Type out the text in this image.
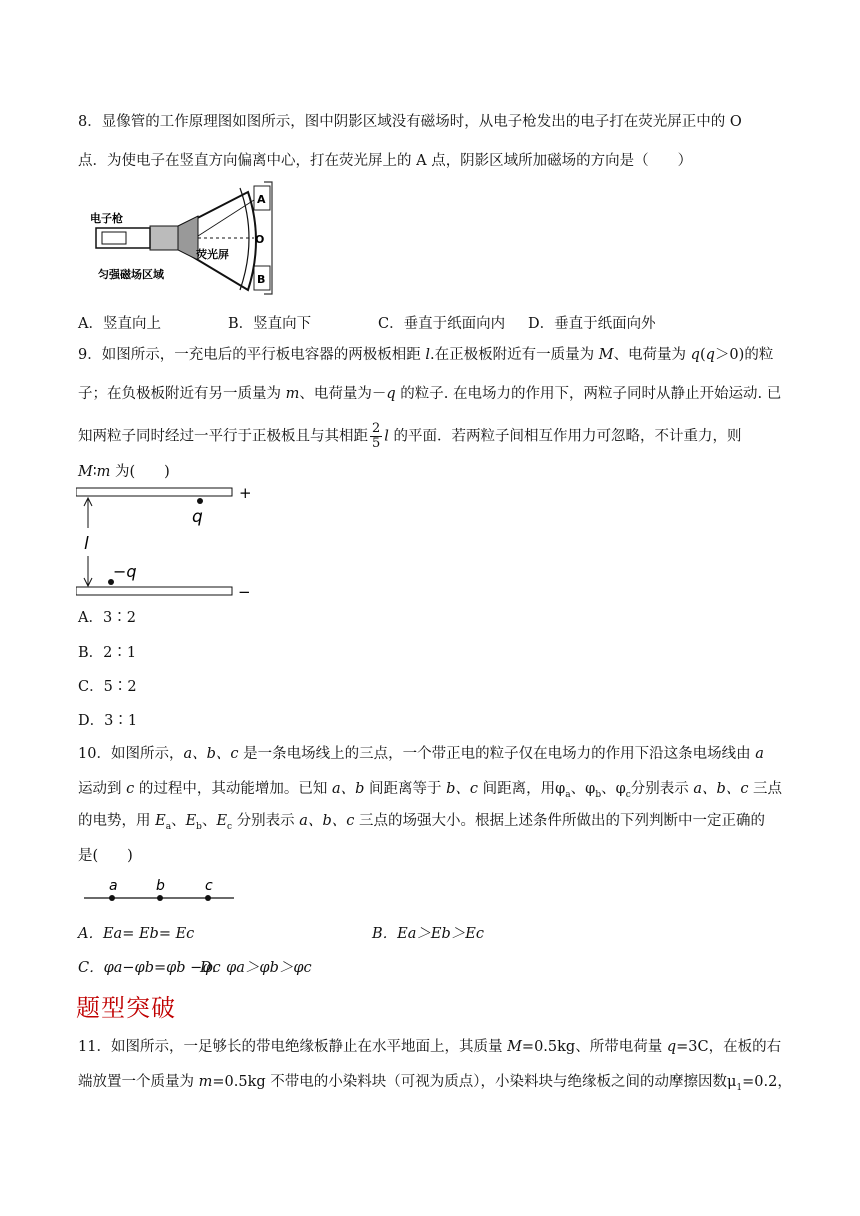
8．显像管的工作原理图如图所示，图中阴影区域没有磁场时，从电子枪发出的电子打在荧光屏正中的 O
点．为使电子在竖直方向偏离中心，打在荧光屏上的 A 点，阴影区域所加磁场的方向是（　　）
电子枪
荧光屏
匀强磁场区域
A
O
B
A．竖直向上	B．竖直向下	C．垂直于纸面向内 D．垂直于纸面向外
9．如图所示，一充电后的平行板电容器的两极板相距 l.在正极板附近有一质量为 M、电荷量为 q(q＞0)的粒
子；在负极板附近有另一质量为 m、电荷量为－q 的粒子. 在电场力的作用下，两粒子同时从静止开始运动. 已
知两粒子同时经过一平行于正极板且与其相距 $\frac{2}{5}$ l 的平面．若两粒子间相互作用力可忽略，不计重力，则
M∶m 为(　　)
+
−
q
−q
l
A．3∶2
B．2∶1
C．5∶2
D．3∶1
10．如图所示，a、b、c 是一条电场线上的三点，一个带正电的粒子仅在电场力的作用下沿这条电场线由 a
运动到 c 的过程中，其动能增加。已知 a、b 间距离等于 b、c 间距离，用$\varphi_a$、$\varphi_b$、$\varphi_c$分别表示 a、b、c 三点
的电势，用 $E_a$、$E_b$、$E_c$ 分别表示 a、b、c 三点的场强大小。根据上述条件所做出的下列判断中一定正确的
是(　　)
a	b	c
A．Ea= Eb= Ec	B．Ea＞Eb＞Ec
C．φa−φb=φb −φc
D．φa＞φb＞φc
题型突破
11．如图所示，一足够长的带电绝缘板静止在水平地面上，其质量 M=0.5kg、所带电荷量 q=3C，在板的右
端放置一个质量为 m=0.5kg 不带电的小染料块（可视为质点），小染料块与绝缘板之间的动摩擦因数$\mu_1=0.2$，
